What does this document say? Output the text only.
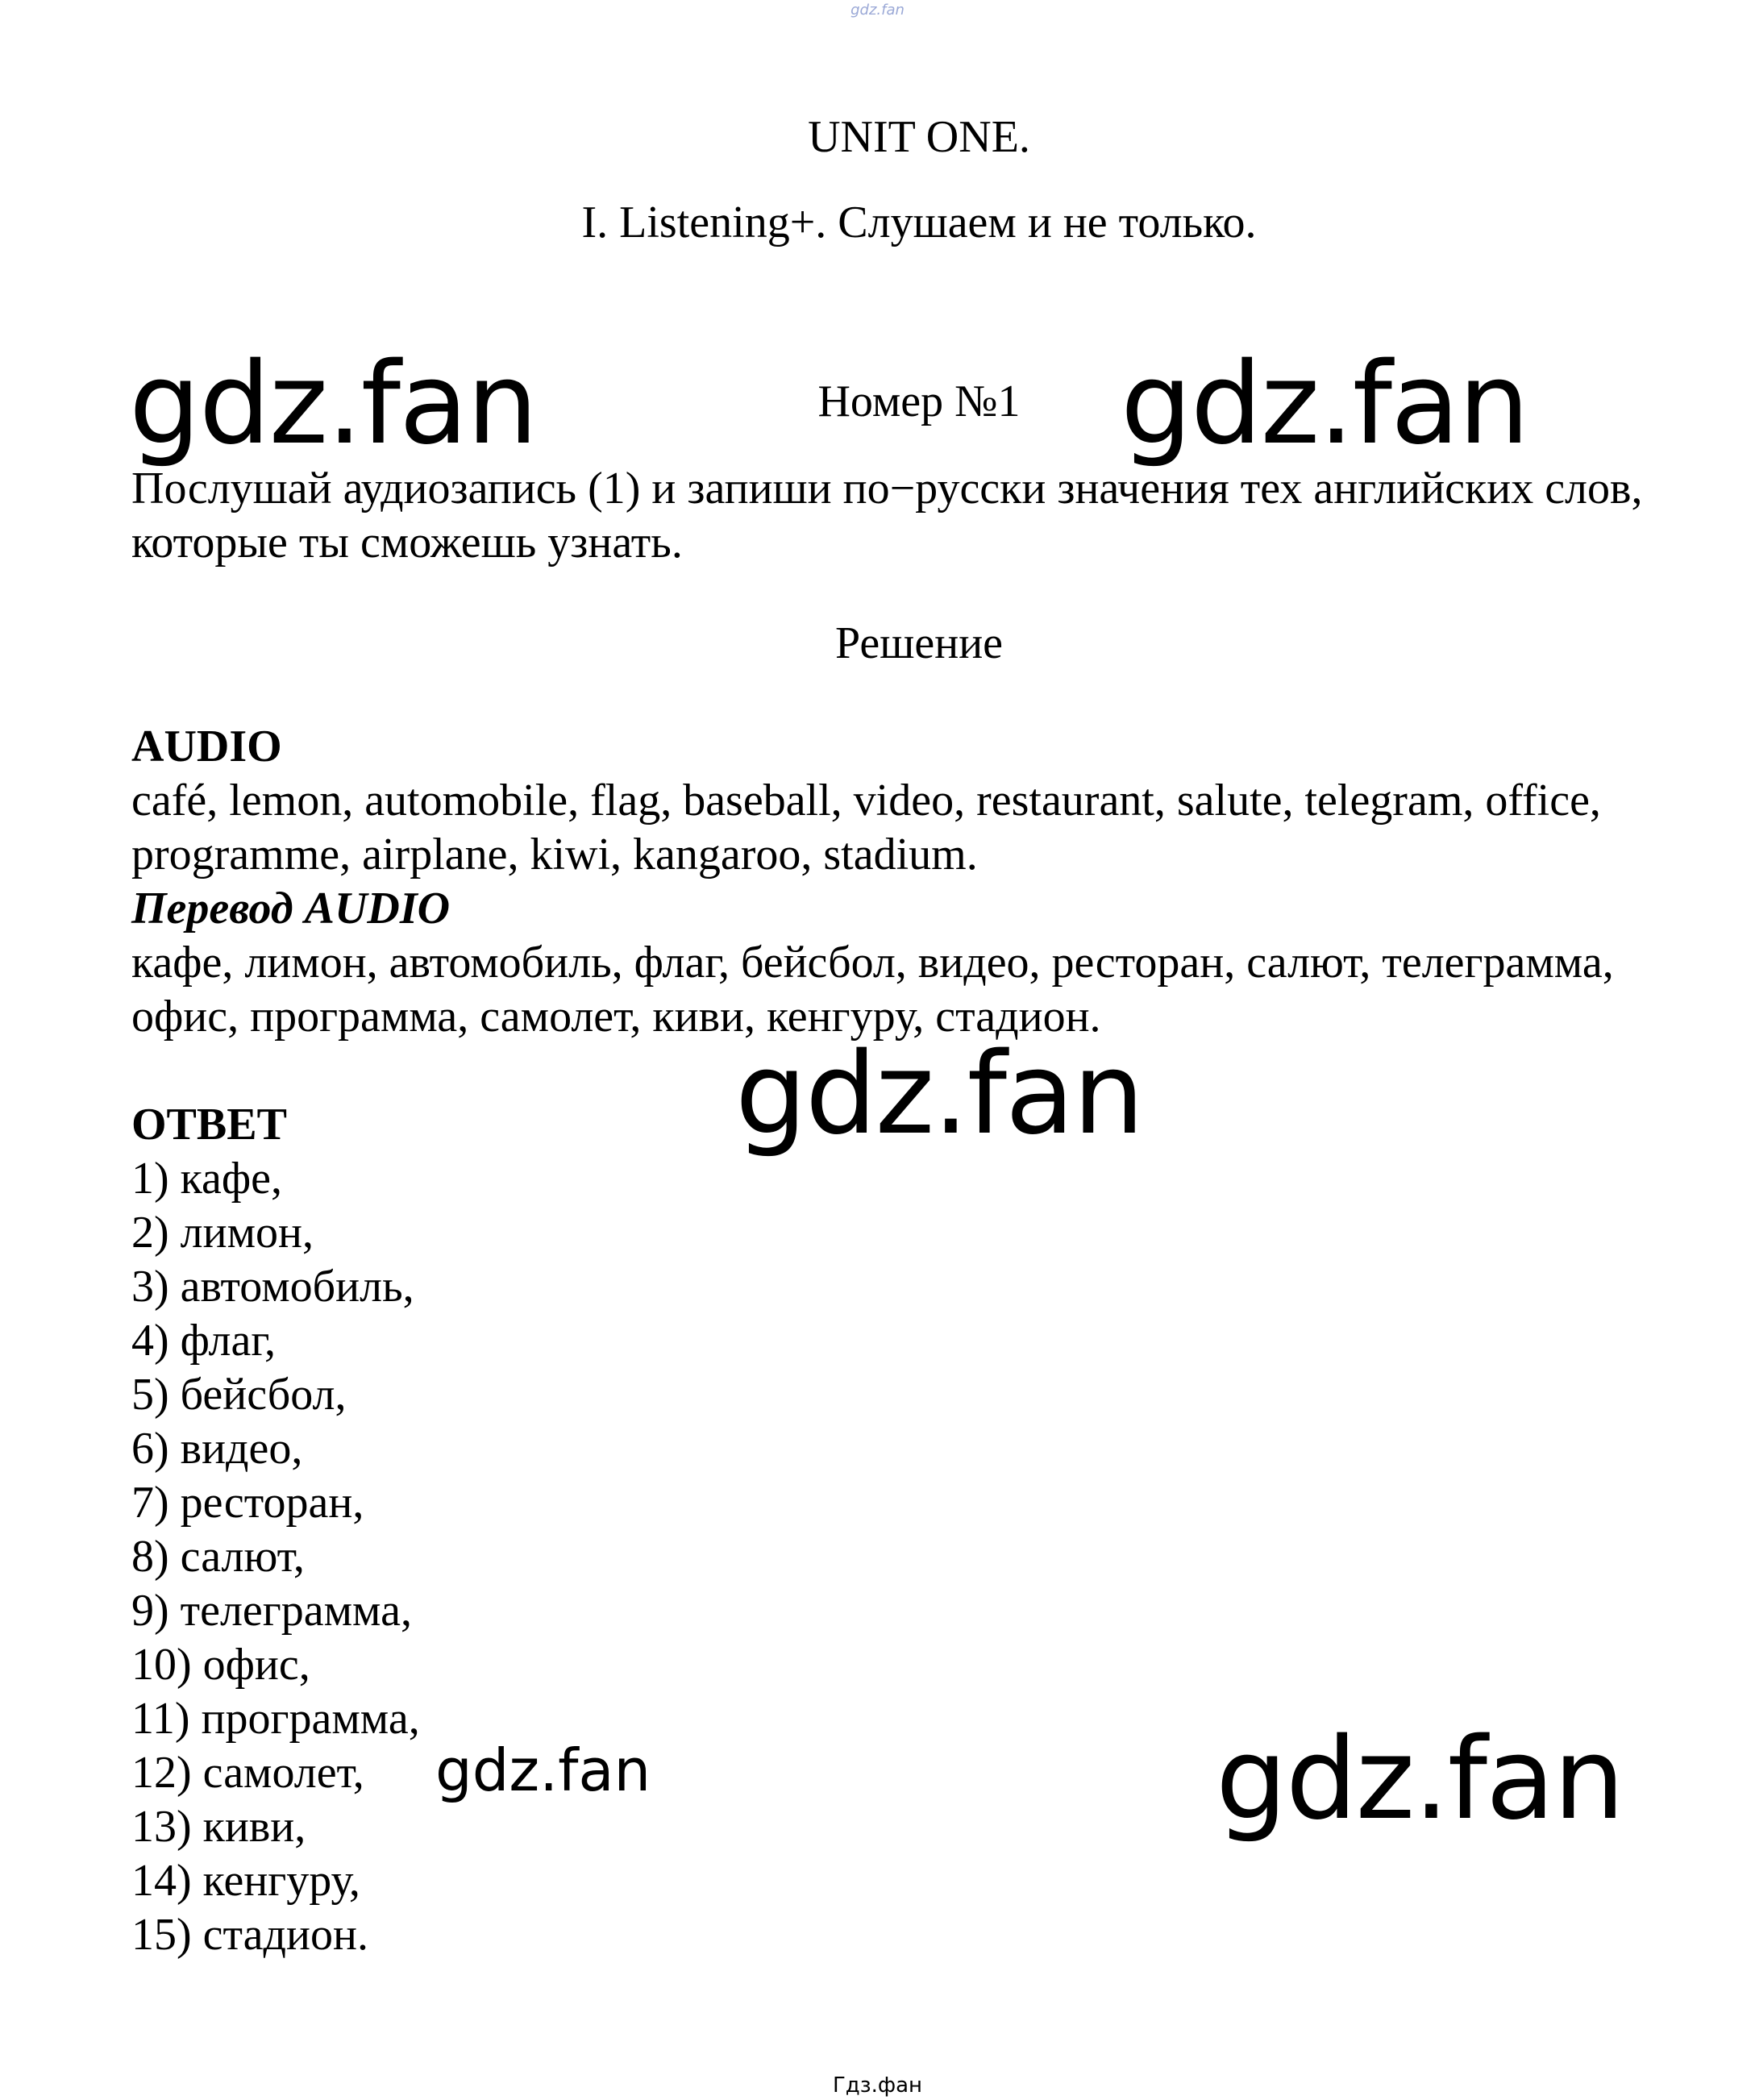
gdz.fan
UNIT ONE.
I. Listening+. Слушаем и не только.
Номер №1
Послушай аудиозапись (1) и запиши по−русски значения тех английских слов, которые ты сможешь узнать.
Решение
AUDIO
café, lemon, automobile, flag, baseball, video, restaurant, salute, telegram, office, programme, airplane, kiwi, kangaroo, stadium.
Перевод AUDIO
кафе, лимон, автомобиль, флаг, бейсбол, видео, ресторан, салют, телеграмма, офис, программа, самолет, киви, кенгуру, стадион.
ОТВЕТ
1) кафе,
2) лимон,
3) автомобиль,
4) флаг,
5) бейсбол,
6) видео,
7) ресторан,
8) салют,
9) телеграмма,
10) офис,
11) программа,
12) самолет,
13) киви,
14) кенгуру,
15) стадион.
gdz.fan	gdz.fan
gdz.fan
gdz.fan	gdz.fan
Гдз.фан
